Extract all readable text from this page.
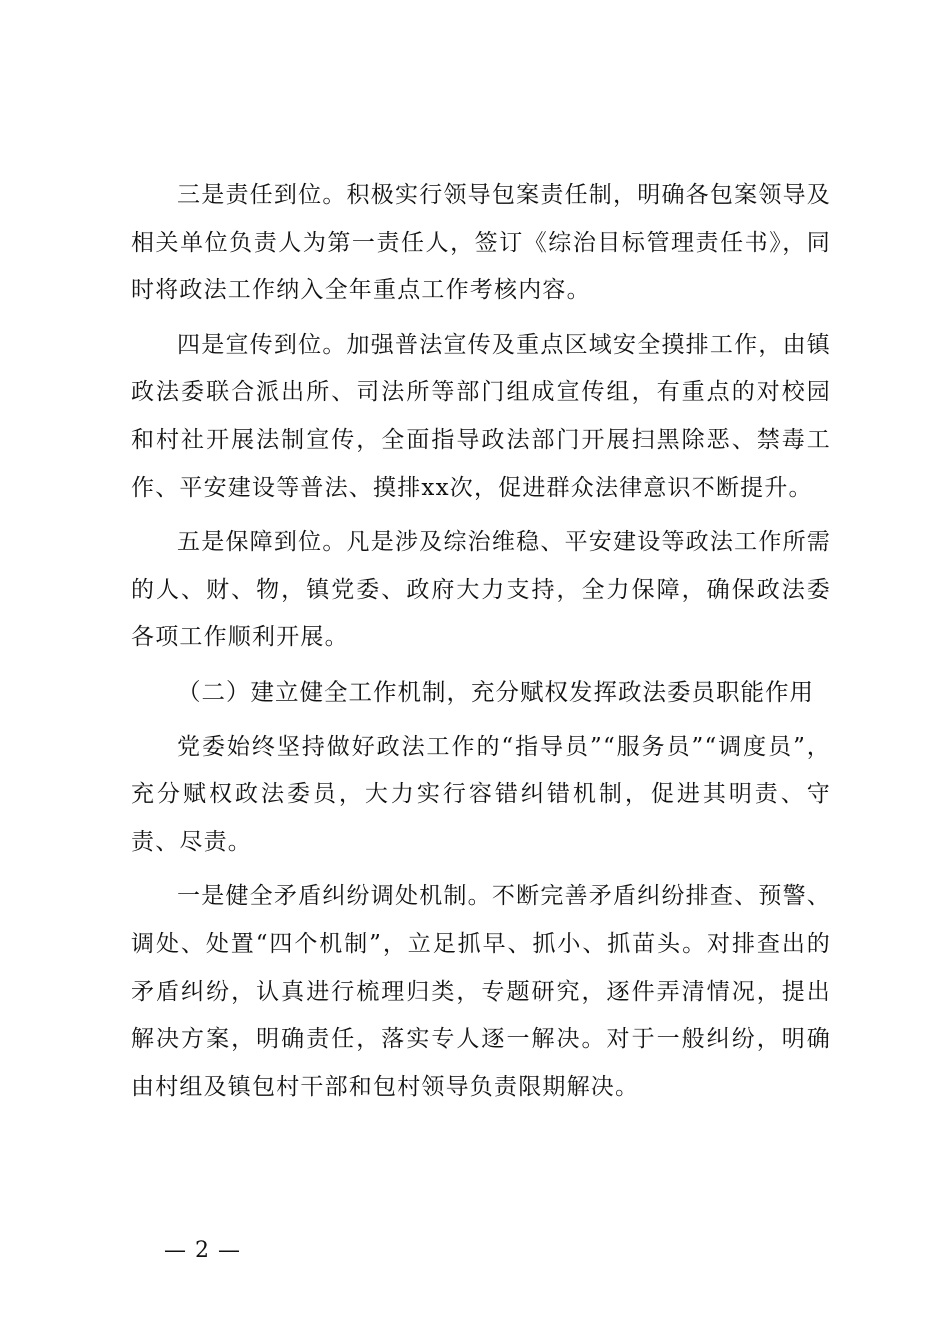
三是责任到位。积极实行领导包案责任制，明确各包案领导及相关单位负责人为第一责任人，签订《综治目标管理责任书》，同时将政法工作纳入全年重点工作考核内容。

四是宣传到位。加强普法宣传及重点区域安全摸排工作，由镇政法委联合派出所、司法所等部门组成宣传组，有重点的对校园和村社开展法制宣传，全面指导政法部门开展扫黑除恶、禁毒工作、平安建设等普法、摸排xx次，促进群众法律意识不断提升。

五是保障到位。凡是涉及综治维稳、平安建设等政法工作所需的人、财、物，镇党委、政府大力支持，全力保障，确保政法委各项工作顺利开展。

（二）建立健全工作机制，充分赋权发挥政法委员职能作用

党委始终坚持做好政法工作的“指导员”“服务员”“调度员”，充分赋权政法委员，大力实行容错纠错机制，促进其明责、守责、尽责。

一是健全矛盾纠纷调处机制。不断完善矛盾纠纷排查、预警、调处、处置“四个机制”，立足抓早、抓小、抓苗头。对排查出的矛盾纠纷，认真进行梳理归类，专题研究，逐件弄清情况，提出解决方案，明确责任，落实专人逐一解决。对于一般纠纷，明确由村组及镇包村干部和包村领导负责限期解决。

— 2 —
